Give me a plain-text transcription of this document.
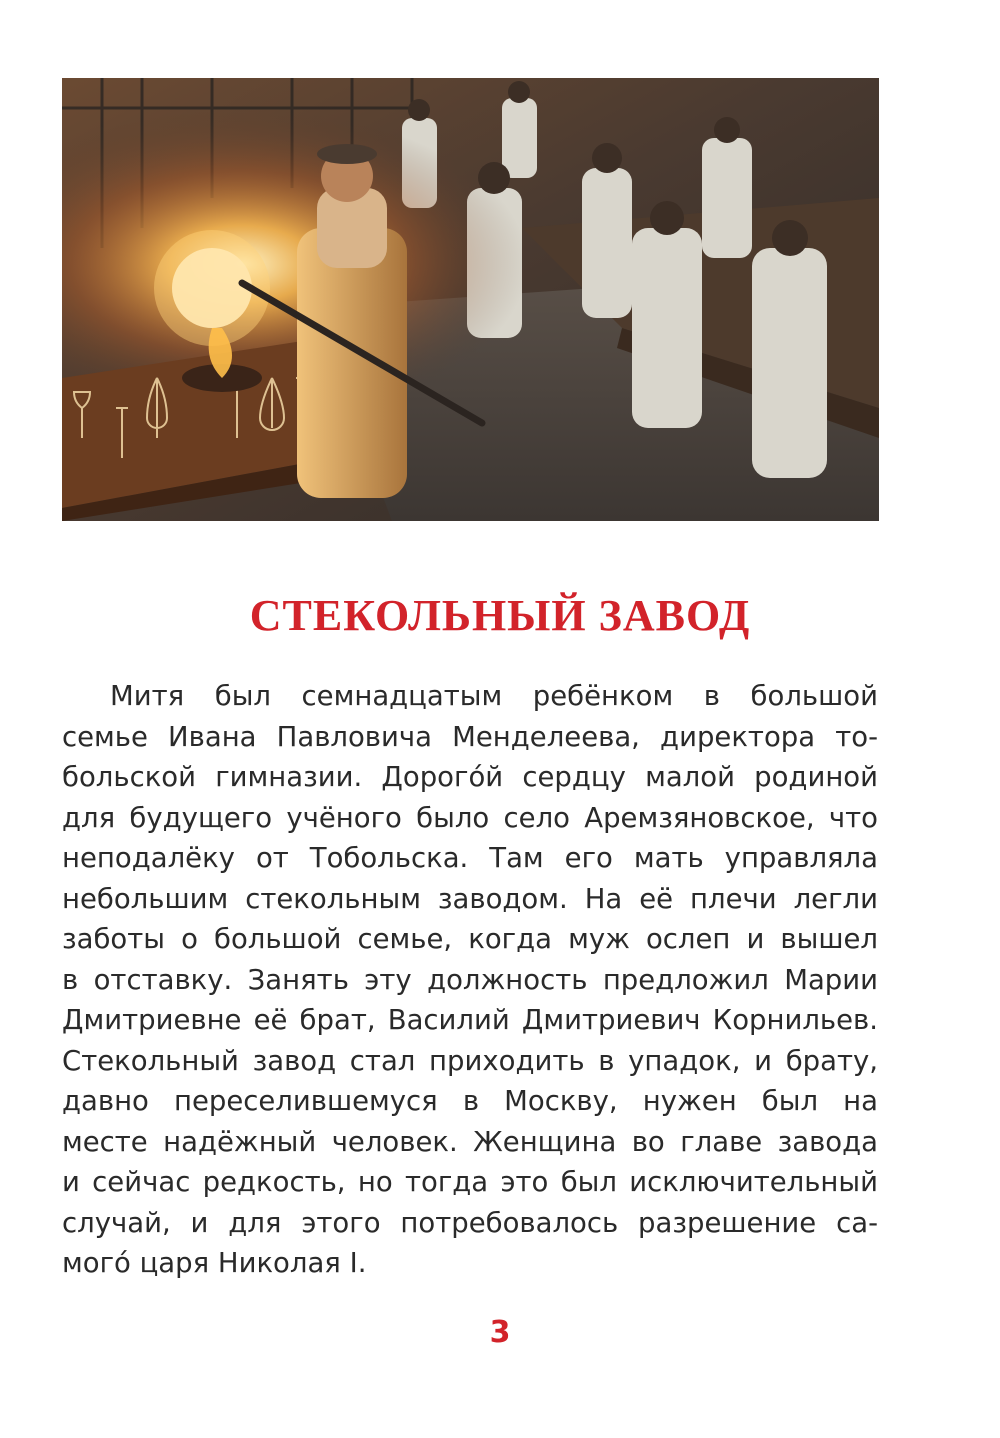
СТЕКОЛЬНЫЙ ЗАВОД
Митя был семнадцатым ребёнком в большой
семье Ивана Павловича Менделеева, директора то-
больской гимназии. Дорогóй сердцу малой родиной
для будущего учёного было село Аремзяновское, что
неподалёку от Тобольска. Там его мать управляла
небольшим стекольным заводом. На её плечи легли
заботы о большой семье, когда муж ослеп и вышел
в отставку. Занять эту должность предложил Марии
Дмитриевне её брат, Василий Дмитриевич Корнильев.
Стекольный завод стал приходить в упадок, и брату,
давно переселившемуся в Москву, нужен был на
месте надёжный человек. Женщина во главе завода
и сейчас редкость, но тогда это был исключительный
случай, и для этого потребовалось разрешение са-
могó царя Николая I.
3
